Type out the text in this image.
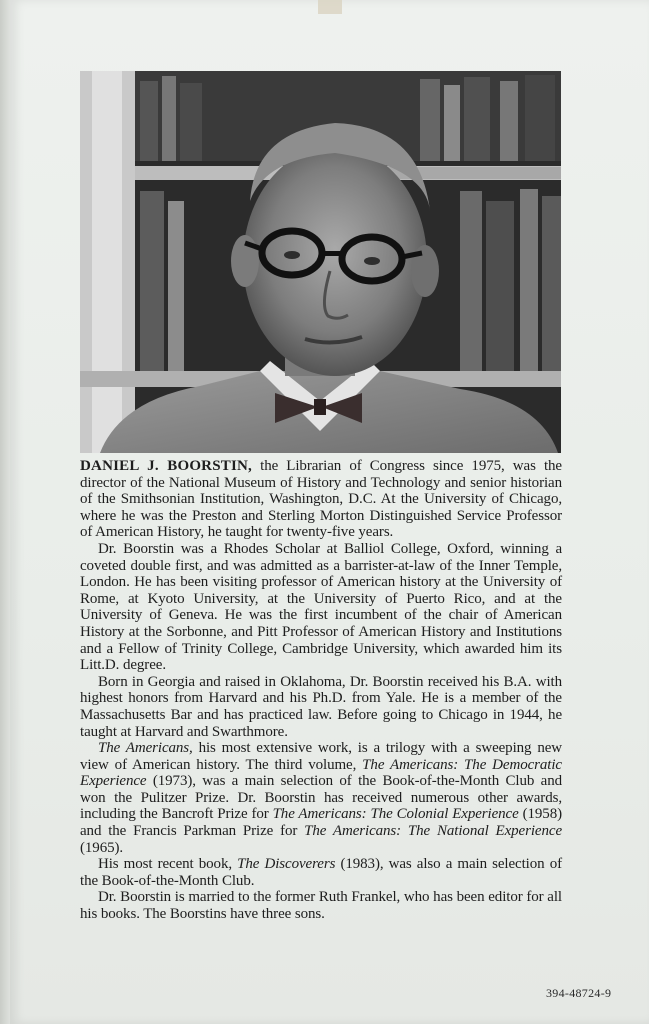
DANIEL J. BOORSTIN, the Librarian of Congress since 1975, was the director of the National Museum of History and Technology and senior historian of the Smithsonian Institution, Washington, D.C. At the University of Chicago, where he was the Preston and Sterling Morton Distinguished Service Professor of American History, he taught for twenty-five years.

Dr. Boorstin was a Rhodes Scholar at Balliol College, Oxford, winning a coveted double first, and was admitted as a barrister-at-law of the Inner Temple, London. He has been visiting professor of American history at the University of Rome, at Kyoto University, at the University of Puerto Rico, and at the University of Geneva. He was the first incumbent of the chair of American History at the Sorbonne, and Pitt Professor of American History and Institutions and a Fellow of Trinity College, Cambridge University, which awarded him its Litt.D. degree.

Born in Georgia and raised in Oklahoma, Dr. Boorstin received his B.A. with highest honors from Harvard and his Ph.D. from Yale. He is a member of the Massachusetts Bar and has practiced law. Before going to Chicago in 1944, he taught at Harvard and Swarthmore.

The Americans, his most extensive work, is a trilogy with a sweeping new view of American history. The third volume, The Americans: The Democratic Experience (1973), was a main selection of the Book-of-the-Month Club and won the Pulitzer Prize. Dr. Boorstin has received numerous other awards, including the Bancroft Prize for The Americans: The Colonial Experience (1958) and the Francis Parkman Prize for The Americans: The National Experience (1965).

His most recent book, The Discoverers (1983), was also a main selection of the Book-of-the-Month Club.

Dr. Boorstin is married to the former Ruth Frankel, who has been editor for all his books. The Boorstins have three sons.

394-48724-9
